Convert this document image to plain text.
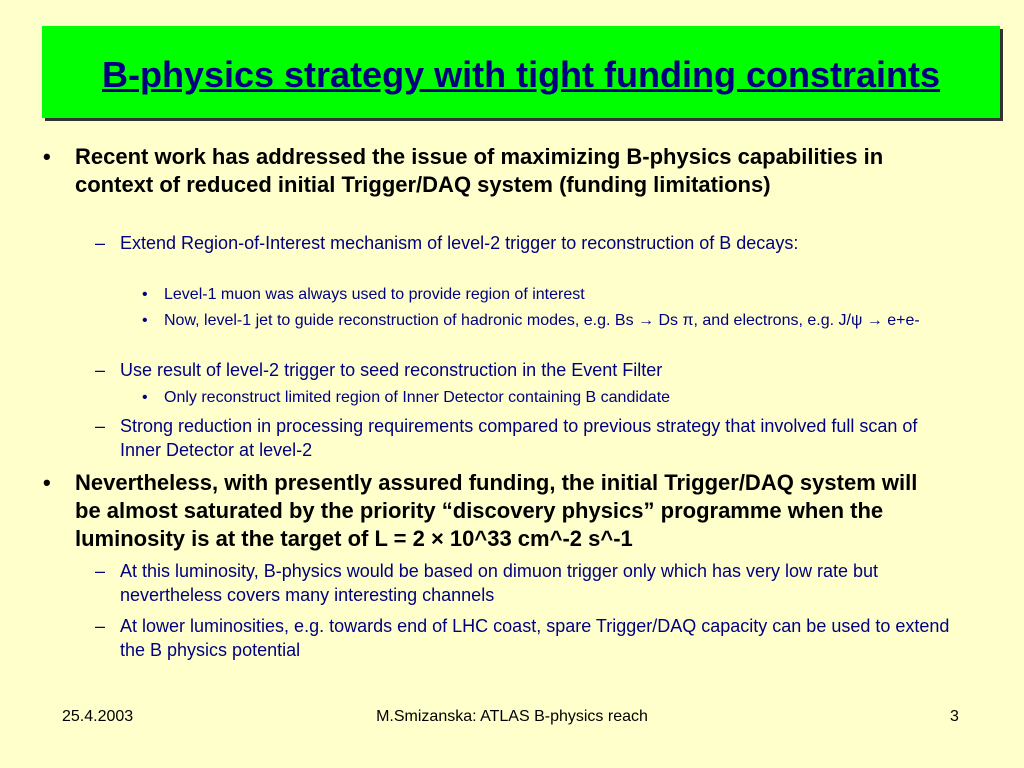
B-physics strategy with tight funding constraints
• Recent work has addressed the issue of maximizing B-physics capabilities in context of reduced initial Trigger/DAQ system (funding limitations)
– Extend Region-of-Interest mechanism of level-2 trigger to reconstruction of B decays:
• Level-1 muon was always used to provide region of interest
• Now, level-1 jet to guide reconstruction of hadronic modes, e.g. Bs → Ds π, and electrons, e.g. J/ψ → e+e-
– Use result of level-2 trigger to seed reconstruction in the Event Filter
• Only reconstruct limited region of Inner Detector containing B candidate
– Strong reduction in processing requirements compared to previous strategy that involved full scan of Inner Detector at level-2
• Nevertheless, with presently assured funding, the initial Trigger/DAQ system will be almost saturated by the priority “discovery physics” programme when the luminosity is at the target of L = 2 × 10^33 cm^-2 s^-1
– At this luminosity, B-physics would be based on dimuon trigger only which has very low rate but nevertheless covers many interesting channels
– At lower luminosities, e.g. towards end of LHC coast, spare Trigger/DAQ capacity can be used to extend the B physics potential
25.4.2003	M.Smizanska: ATLAS B-physics reach	3
